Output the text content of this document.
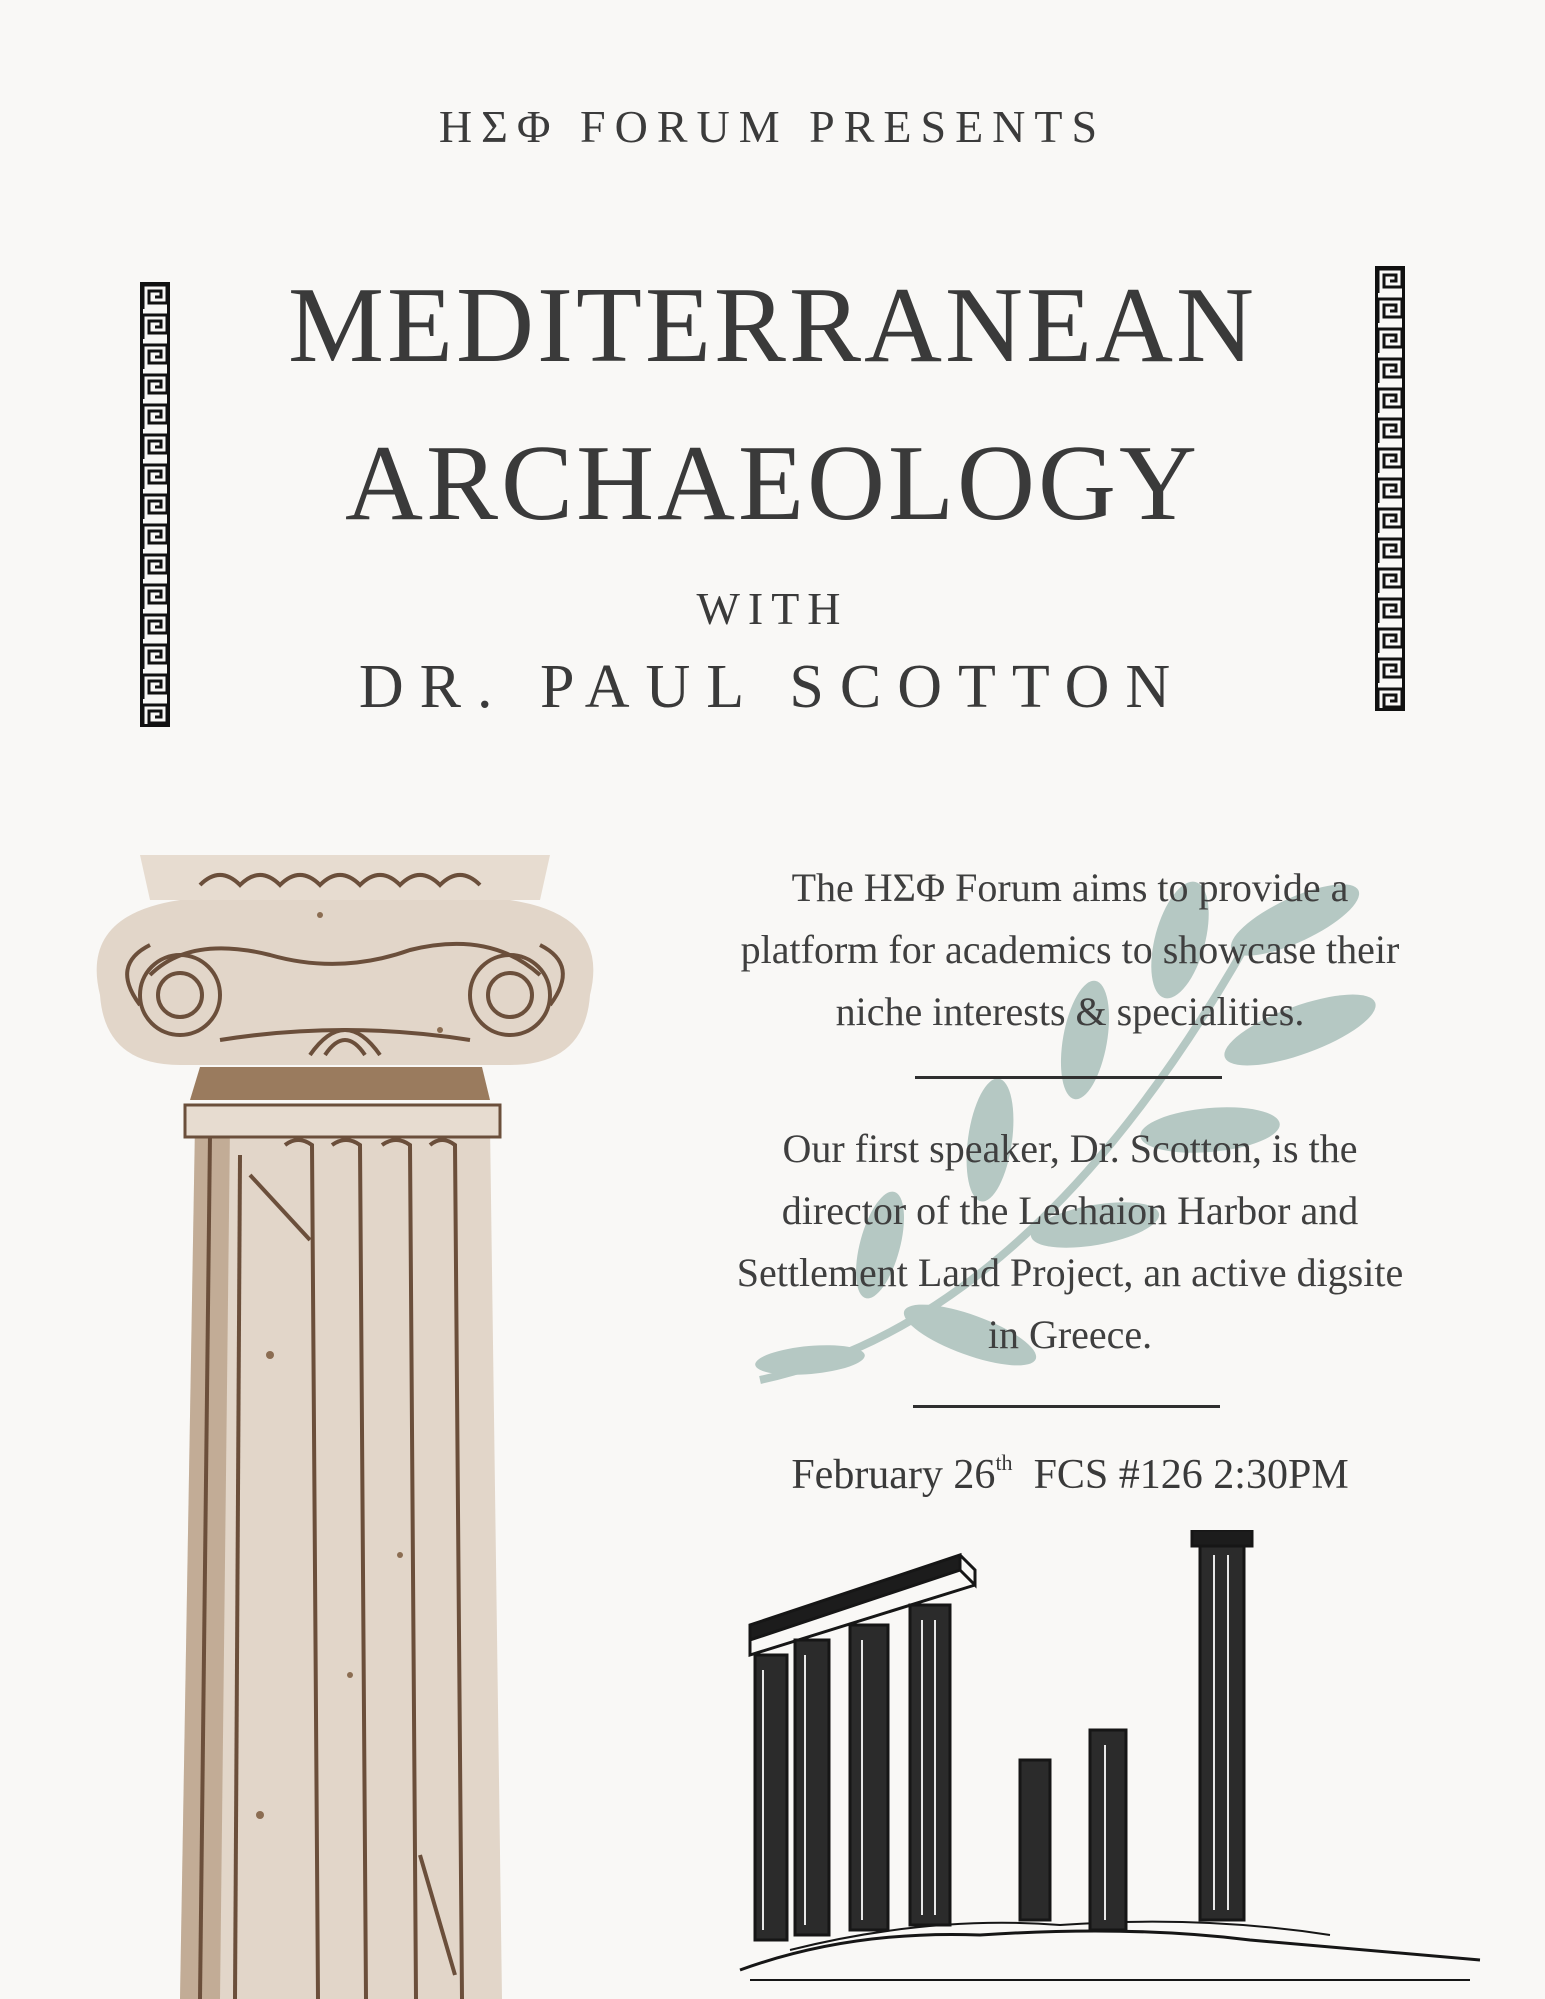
ΗΣΦ FORUM PRESENTS
MEDITERRANEAN
ARCHAEOLOGY
WITH
DR. PAUL SCOTTON
The ΗΣΦ Forum aims to provide a
platform for academics to showcase their
niche interests & specialities.
Our first speaker, Dr. Scotton, is the
director of the Lechaion Harbor and
Settlement Land Project, an active digsite
in Greece.
February 26th FCS #126 2:30PM
